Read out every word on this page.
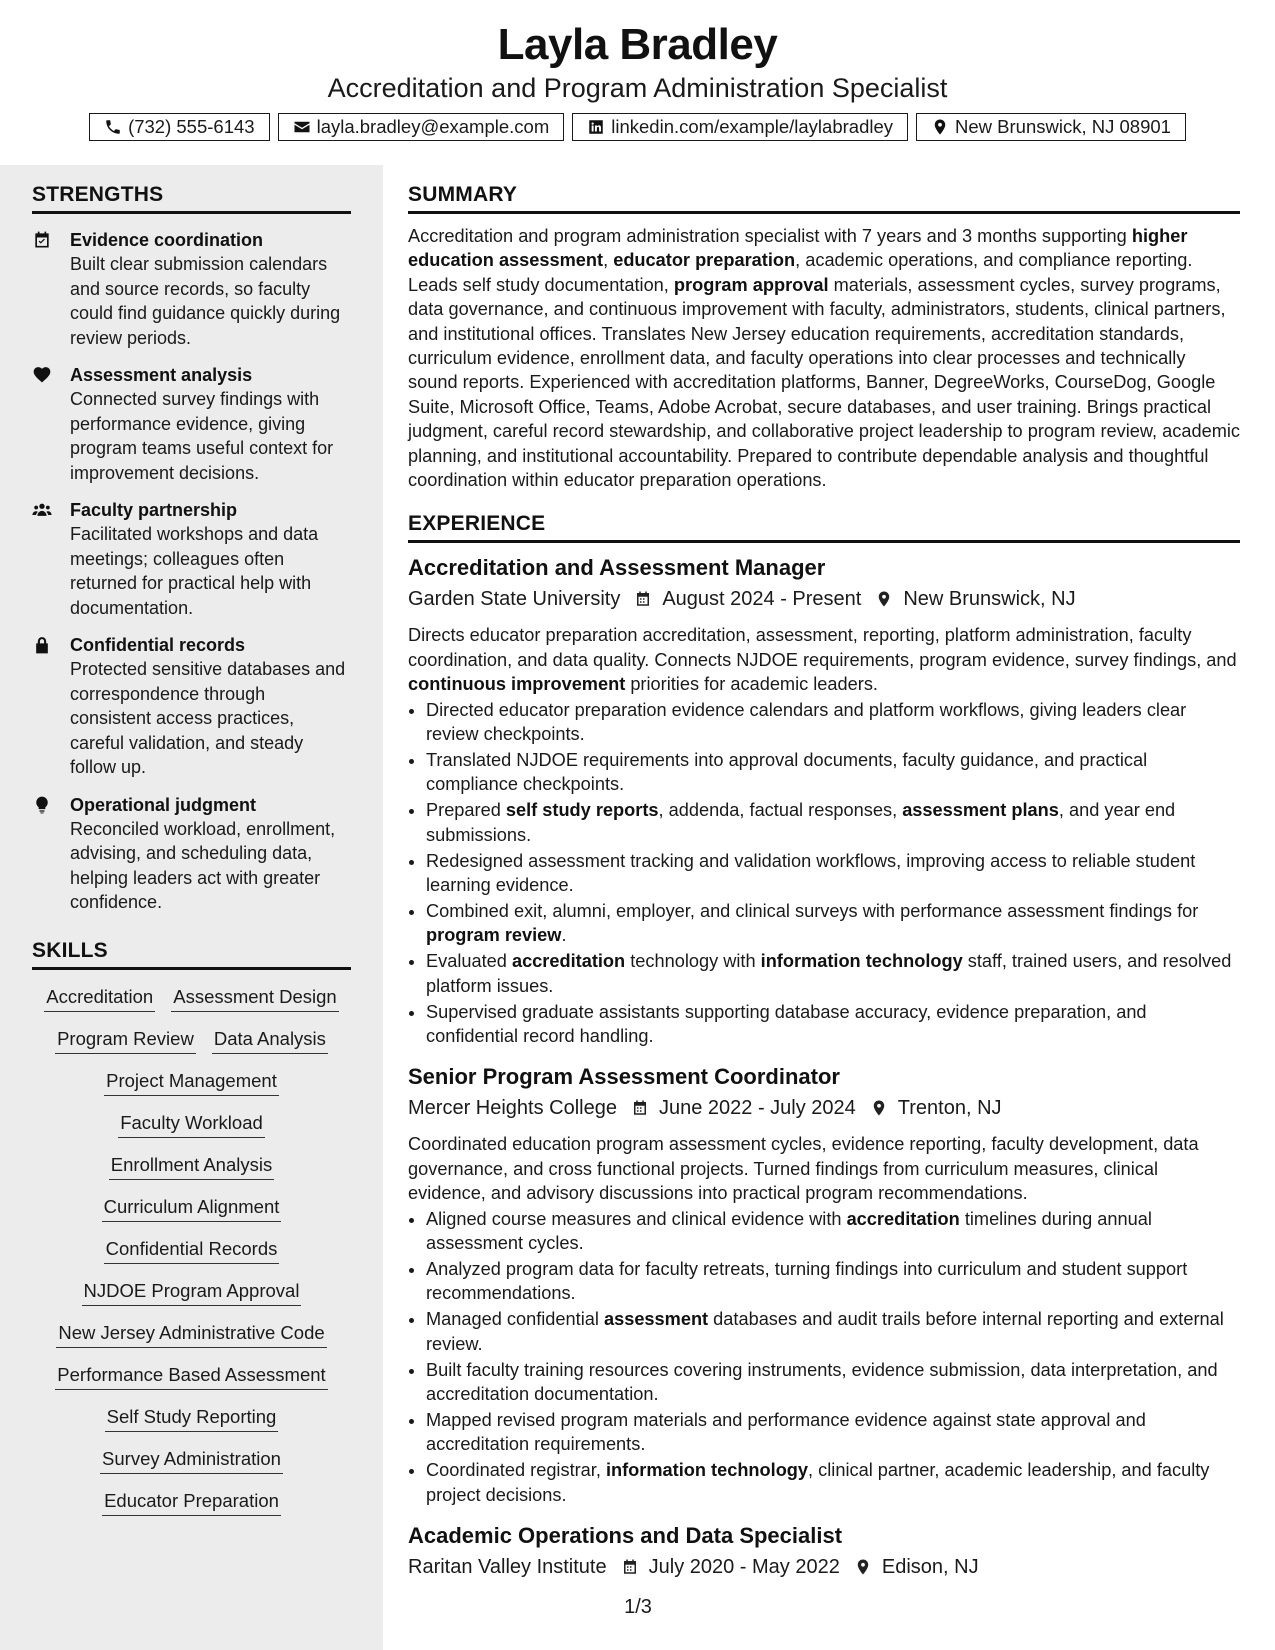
Layla Bradley
Accreditation and Program Administration Specialist
(732) 555-6143	layla.bradley@example.com	linkedin.com/example/laylabradley	New Brunswick, NJ 08901
STRENGTHS
Evidence coordination
Built clear submission calendars and source records, so faculty could find guidance quickly during review periods.
Assessment analysis
Connected survey findings with performance evidence, giving program teams useful context for improvement decisions.
Faculty partnership
Facilitated workshops and data meetings; colleagues often returned for practical help with documentation.
Confidential records
Protected sensitive databases and correspondence through consistent access practices, careful validation, and steady follow up.
Operational judgment
Reconciled workload, enrollment, advising, and scheduling data, helping leaders act with greater confidence.
SKILLS
Accreditation Assessment Design
Program Review Data Analysis
Project Management
Faculty Workload
Enrollment Analysis
Curriculum Alignment
Confidential Records
NJDOE Program Approval
New Jersey Administrative Code
Performance Based Assessment
Self Study Reporting
Survey Administration
Educator Preparation
SUMMARY

Accreditation and program administration specialist with 7 years and 3 months supporting higher education assessment, educator preparation, academic operations, and compliance reporting. Leads self study documentation, program approval materials, assessment cycles, survey programs, data governance, and continuous improvement with faculty, administrators, students, clinical partners, and institutional offices. Translates New Jersey education requirements, accreditation standards, curriculum evidence, enrollment data, and faculty operations into clear processes and technically sound reports. Experienced with accreditation platforms, Banner, DegreeWorks, CourseDog, Google Suite, Microsoft Office, Teams, Adobe Acrobat, secure databases, and user training. Brings practical judgment, careful record stewardship, and collaborative project leadership to program review, academic planning, and institutional accountability. Prepared to contribute dependable analysis and thoughtful coordination within educator preparation operations.

EXPERIENCE
Accreditation and Assessment Manager
Garden State University August 2024 - Present New Brunswick, NJ
Directs educator preparation accreditation, assessment, reporting, platform administration, faculty coordination, and data quality. Connects NJDOE requirements, program evidence, survey findings, and continuous improvement priorities for academic leaders.
• Directed educator preparation evidence calendars and platform workflows, giving leaders clear review checkpoints.
• Translated NJDOE requirements into approval documents, faculty guidance, and practical compliance checkpoints.
• Prepared self study reports, addenda, factual responses, assessment plans, and year end submissions.
• Redesigned assessment tracking and validation workflows, improving access to reliable student learning evidence.
• Combined exit, alumni, employer, and clinical surveys with performance assessment findings for program review.
• Evaluated accreditation technology with information technology staff, trained users, and resolved platform issues.
• Supervised graduate assistants supporting database accuracy, evidence preparation, and confidential record handling.
Senior Program Assessment Coordinator
Mercer Heights College June 2022 - July 2024 Trenton, NJ
Coordinated education program assessment cycles, evidence reporting, faculty development, data governance, and cross functional projects. Turned findings from curriculum measures, clinical evidence, and advisory discussions into practical program recommendations.
• Aligned course measures and clinical evidence with accreditation timelines during annual assessment cycles.
• Analyzed program data for faculty retreats, turning findings into curriculum and student support recommendations.
• Managed confidential assessment databases and audit trails before internal reporting and external review.
• Built faculty training resources covering instruments, evidence submission, data interpretation, and accreditation documentation.
• Mapped revised program materials and performance evidence against state approval and accreditation requirements.
• Coordinated registrar, information technology, clinical partner, academic leadership, and faculty project decisions.
Academic Operations and Data Specialist
Raritan Valley Institute July 2020 - May 2022 Edison, NJ
1/3
